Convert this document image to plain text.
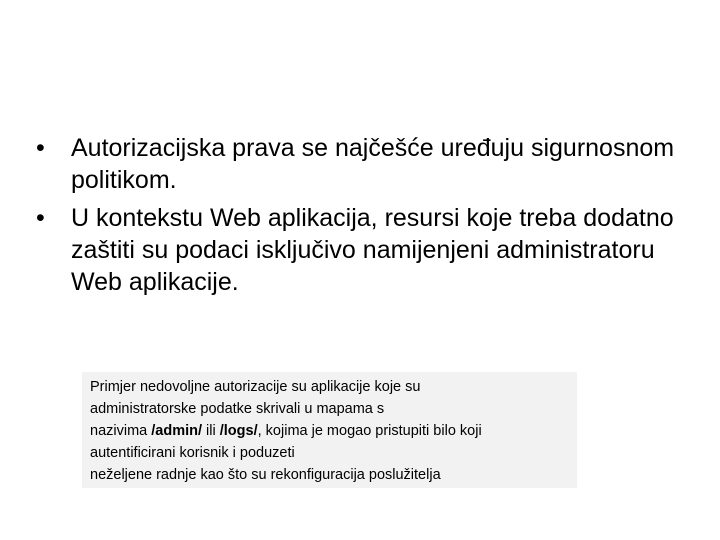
•	Autorizacijska prava se najčešće uređuju sigurnosnom politikom.
•	U kontekstu Web aplikacija, resursi koje treba dodatno zaštiti su podaci isključivo namijenjeni administratoru Web aplikacije.
Primjer nedovoljne autorizacije su aplikacije koje su
administratorske podatke skrivali u mapama s
nazivima /admin/ ili /logs/, kojima je mogao pristupiti bilo koji
autentificirani korisnik i poduzeti
neželjene radnje kao što su rekonfiguracija poslužitelja
